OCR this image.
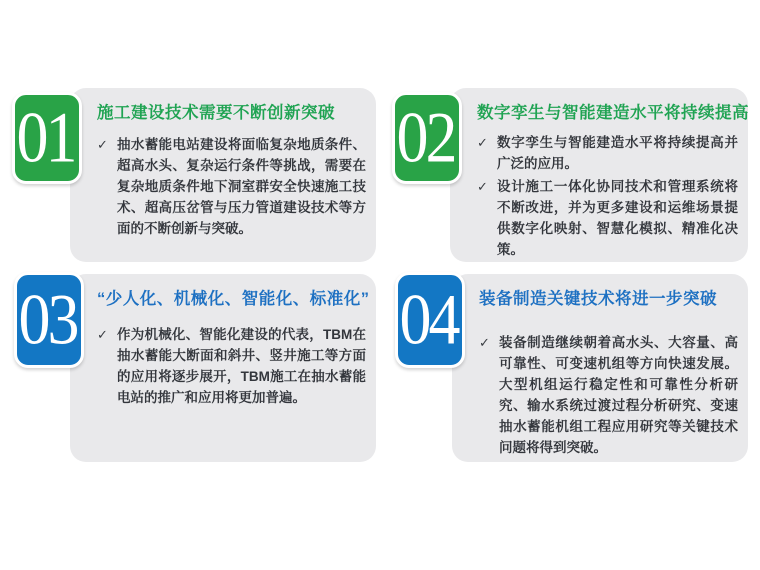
01 施工建设技术需要不断创新突破
✓ 抽水蓄能电站建设将面临复杂地质条件、超高水头、复杂运行条件等挑战，需要在复杂地质条件地下洞室群安全快速施工技术、超高压岔管与压力管道建设技术等方面的不断创新与突破。
02 数字孪生与智能建造水平将持续提高
✓ 数字孪生与智能建造水平将持续提高并广泛的应用。
✓ 设计施工一体化协同技术和管理系统将不断改进，并为更多建设和运维场景提供数字化映射、智慧化模拟、精准化决策。
03 “少人化、机械化、智能化、标准化”
✓ 作为机械化、智能化建设的代表，TBM在抽水蓄能大断面和斜井、竖井施工等方面的应用将逐步展开，TBM施工在抽水蓄能电站的推广和应用将更加普遍。
04 装备制造关键技术将进一步突破
✓ 装备制造继续朝着高水头、大容量、高可靠性、可变速机组等方向快速发展。大型机组运行稳定性和可靠性分析研究、输水系统过渡过程分析研究、变速抽水蓄能机组工程应用研究等关键技术问题将得到突破。
